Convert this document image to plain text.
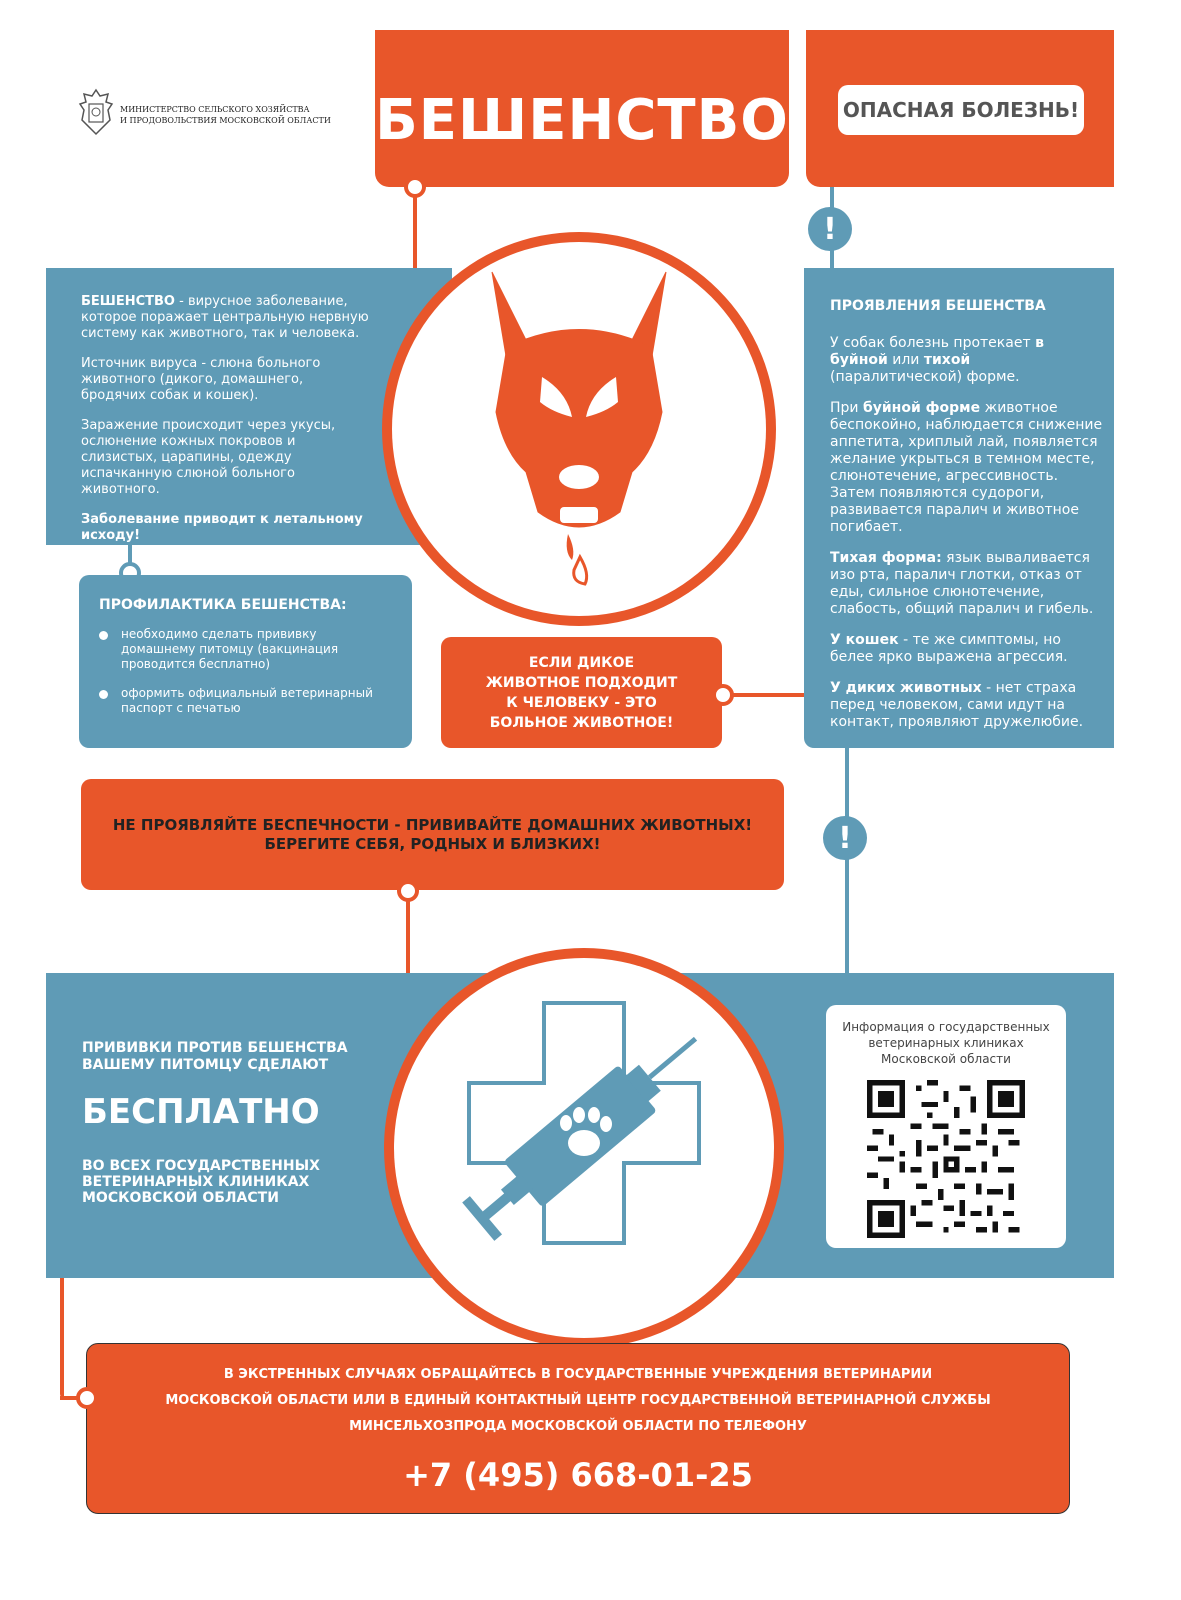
МИНИСТЕРСТВО СЕЛЬСКОГО ХОЗЯЙСТВА
И ПРОДОВОЛЬСТВИЯ МОСКОВСКОЙ ОБЛАСТИ БЕШЕНСТВО	ОПАСНАЯ БОЛЕЗНЬ!
!

БЕШЕНСТВО - вирусное заболевание, которое поражает центральную нервную систему как животного, так и человека.

Источник вируса - слюна больного животного (дикого, домашнего, бродячих собак и кошек).

Заражение происходит через укусы, ослюнение кожных покровов и слизистых, царапины, одежду испачканную слюной больного животного.

Заболевание приводит к летальному исходу!

ПРОЯВЛЕНИЯ БЕШЕНСТВА

У собак болезнь протекает в буйной или тихой (паралитической) форме.

При буйной форме животное беспокойно, наблюдается снижение аппетита, хриплый лай, появляется желание укрыться в темном месте, слюнотечение, агрессивность. Затем появляются судороги, развивается паралич и животное погибает.

Тихая форма: язык вываливается изо рта, паралич глотки, отказ от еды, сильное слюнотечение, слабость, общий паралич и гибель.

У кошек - те же симптомы, но белее ярко выражена агрессия.

У диких животных - нет страха перед человеком, сами идут на контакт, проявляют дружелюбие.

ПРОФИЛАКТИКА БЕШЕНСТВА:

необходимо сделать прививку домашнему питомцу (вакцинация проводится бесплатно)
оформить официальный ветеринарный паспорт с печатью
ЕСЛИ ДИКОЕ ЖИВОТНОЕ ПОДХОДИТ К ЧЕЛОВЕКУ - ЭТО БОЛЬНОЕ ЖИВОТНОЕ!
НЕ ПРОЯВЛЯЙТЕ БЕСПЕЧНОСТИ - ПРИВИВАЙТЕ ДОМАШНИХ ЖИВОТНЫХ!
БЕРЕГИТЕ СЕБЯ, РОДНЫХ И БЛИЗКИХ!	!
ПРИВИВКИ ПРОТИВ БЕШЕНСТВА
ВАШЕМУ ПИТОМЦУ СДЕЛАЮТ
БЕСПЛАТНО
ВО ВСЕХ ГОСУДАРСТВЕННЫХ
ВЕТЕРИНАРНЫХ КЛИНИКАХ
МОСКОВСКОЙ ОБЛАСТИ
Информация о государственных ветеринарных клиниках Московской области
В ЭКСТРЕННЫХ СЛУЧАЯХ ОБРАЩАЙТЕСЬ В ГОСУДАРСТВЕННЫЕ УЧРЕЖДЕНИЯ ВЕТЕРИНАРИИ
МОСКОВСКОЙ ОБЛАСТИ ИЛИ В ЕДИНЫЙ КОНТАКТНЫЙ ЦЕНТР ГОСУДАРСТВЕННОЙ ВЕТЕРИНАРНОЙ СЛУЖБЫ
МИНСЕЛЬХОЗПРОДА МОСКОВСКОЙ ОБЛАСТИ ПО ТЕЛЕФОНУ
+7 (495) 668-01-25
